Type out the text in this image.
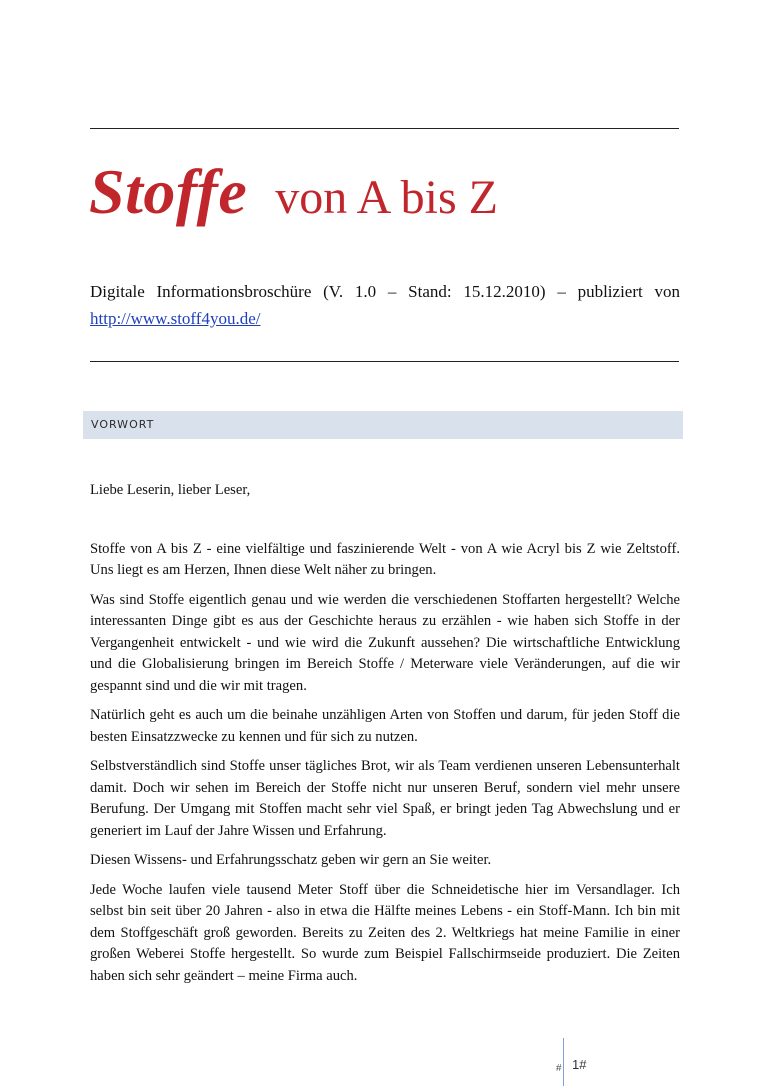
Stoffe von A bis Z

Digitale Informationsbroschüre (V. 1.0 – Stand: 15.12.2010) – publiziert von http://www.stoff4you.de/

VORWORT

Liebe Leserin, lieber Leser,

Stoffe von A bis Z - eine vielfältige und faszinierende Welt - von A wie Acryl bis Z wie Zeltstoff. Uns liegt es am Herzen, Ihnen diese Welt näher zu bringen.

Was sind Stoffe eigentlich genau und wie werden die verschiedenen Stoffarten hergestellt? Welche interessanten Dinge gibt es aus der Geschichte heraus zu erzählen - wie haben sich Stoffe in der Vergangenheit entwickelt - und wie wird die Zukunft aussehen? Die wirtschaftliche Entwicklung und die Globalisierung bringen im Bereich Stoffe / Meterware viele Veränderungen, auf die wir gespannt sind und die wir mit tragen.

Natürlich geht es auch um die beinahe unzähligen Arten von Stoffen und darum, für jeden Stoff die besten Einsatzzwecke zu kennen und für sich zu nutzen.

Selbstverständlich sind Stoffe unser tägliches Brot, wir als Team verdienen unseren Lebensunterhalt damit. Doch wir sehen im Bereich der Stoffe nicht nur unseren Beruf, sondern viel mehr unsere Berufung. Der Umgang mit Stoffen macht sehr viel Spaß, er bringt jeden Tag Abwechslung und er generiert im Lauf der Jahre Wissen und Erfahrung.

Diesen Wissens- und Erfahrungsschatz geben wir gern an Sie weiter.

Jede Woche laufen viele tausend Meter Stoff über die Schneidetische hier im Versandlager. Ich selbst bin seit über 20 Jahren - also in etwa die Hälfte meines Lebens - ein Stoff-Mann. Ich bin mit dem Stoffgeschäft groß geworden. Bereits zu Zeiten des 2. Weltkriegs hat meine Familie in einer großen Weberei Stoffe hergestellt. So wurde zum Beispiel Fallschirmseide produziert. Die Zeiten haben sich sehr geändert – meine Firma auch.

# 1#
